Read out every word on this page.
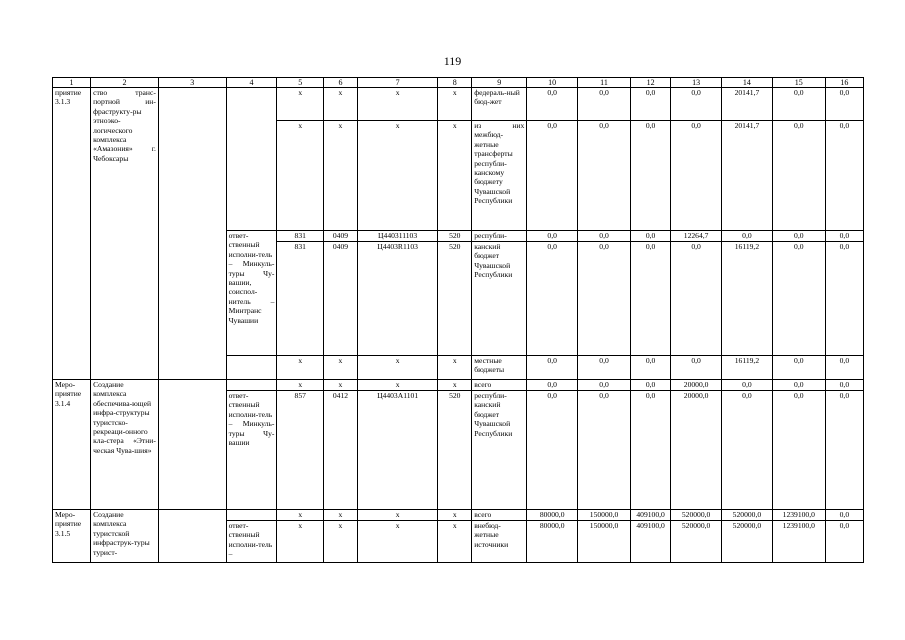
119
1	2	3	4	5	6	7	8	9	10	11	12	13	14	15	16
приятие 3.1.3	ство транс-портной ин-фраструкту-ры этноэко-логического комплекса «Амазония» г. Чебоксары			х	х	х	х	федераль-ный бюд-жет	0,0	0,0	0,0	0,0	20141,7	0,0	0,0
				х	х	х	х	из них межбюд-жетные трансферты республи-канскому бюджету Чувашской Республики	0,0	0,0	0,0	0,0	20141,7	0,0	0,0
			ответ-ственный исполни-тель – Минкуль-туры Чу-вашии, соиспол-нитель – Минтранс Чувашии	831	0409	Ц440311103	520	республи-	0,0	0,0	0,0	12264,7	0,0	0,0	0,0
				831	0409	Ц4403R1103	520	канский бюджет Чувашской Республики	0,0	0,0	0,0	0,0	16119,2	0,0	0,0
				х	х	х	х	местные бюджеты	0,0	0,0	0,0	0,0	16119,2	0,0	0,0
Меро-приятие 3.1.4	Создание комплекса обеспечива-ющей инфра-структуры туристско-рекреаци-онного кла-стера «Этни-ческая Чува-шия»			х	х	х	х	всего	0,0	0,0	0,0	20000,0	0,0	0,0	0,0
			ответ-ственный исполни-тель – Минкуль-туры Чу-вашии	857	0412	Ц4403А1101	520	республи-канский бюджет Чувашской Республики	0,0	0,0	0,0	20000,0	0,0	0,0	0,0
Меро-приятие 3.1.5	Создание комплекса туристской инфраструк-туры турист-			х	х	х	х	всего	80000,0	150000,0	409100,0	520000,0	520000,0	1239100,0	0,0
			ответ-ственный исполни-тель –	х	х	х	х	внебюд-жетные источники	80000,0	150000,0	409100,0	520000,0	520000,0	1239100,0	0,0
